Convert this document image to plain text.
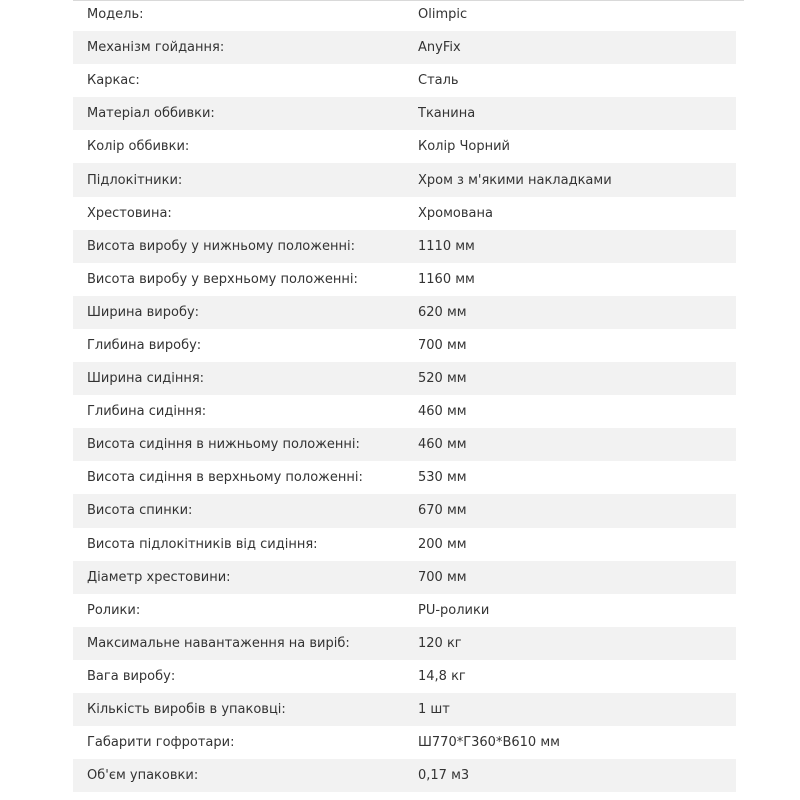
Модель:	Olimpic
Механізм гойдання:	AnyFix
Каркас:	Сталь
Матеріал оббивки:	Тканина
Колір оббивки:	Колір Чорний
Підлокітники:	Хром з м'якими накладками
Хрестовина:	Хромована
Висота виробу у нижньому положенні:	1110 мм
Висота виробу у верхньому положенні:	1160 мм
Ширина виробу:	620 мм
Глибина виробу:	700 мм
Ширина сидіння:	520 мм
Глибина сидіння:	460 мм
Висота сидіння в нижньому положенні:	460 мм
Висота сидіння в верхньому положенні:	530 мм
Висота спинки:	670 мм
Висота підлокітників від сидіння:	200 мм
Діаметр хрестовини:	700 мм
Ролики:	PU-ролики
Максимальне навантаження на виріб:	120 кг
Вага виробу:	14,8 кг
Кількість виробів в упаковці:	1 шт
Габарити гофротари:	Ш770*Г360*В610 мм
Об'єм упаковки:	0,17 м3
